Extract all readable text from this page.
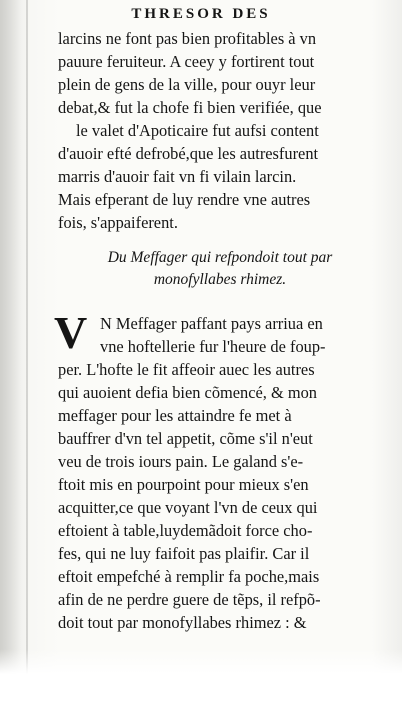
THRESOR DES
larcins ne font pas bien profitables à vn
pauure feruiteur. A ceey y fortirent tout
plein de gens de la ville, pour ouyr leur
debat,& fut la chofe fi bien verifiée, que
le valet d'Apoticaire fut aufsi content
d'auoir efté defrobé,que les autresfurent
marris d'auoir fait vn fi vilain larcin.
Mais efperant de luy rendre vne autres
fois, s'appaiferent.
Du Meffager qui refpondoit tout par
monofyllabes rhimez.
V N Meffager paffant pays arriua en
vne hoftellerie fur l'heure de foup-
per. L'hofte le fit affeoir auec les autres
qui auoient defia bien cõmencé, & mon
meffager pour les attaindre fe met à
bauffrer d'vn tel appetit, cõme s'il n'eut
veu de trois iours pain. Le galand s'e-
ftoit mis en pourpoint pour mieux s'en
acquitter,ce que voyant l'vn de ceux qui
eftoient à table,luydemãdoit force cho-
fes, qui ne luy faifoit pas plaifir. Car il
eftoit empefché à remplir fa poche,mais
afin de ne perdre guere de tẽps, il refpõ-
doit tout par monofyllabes rhimez : &
